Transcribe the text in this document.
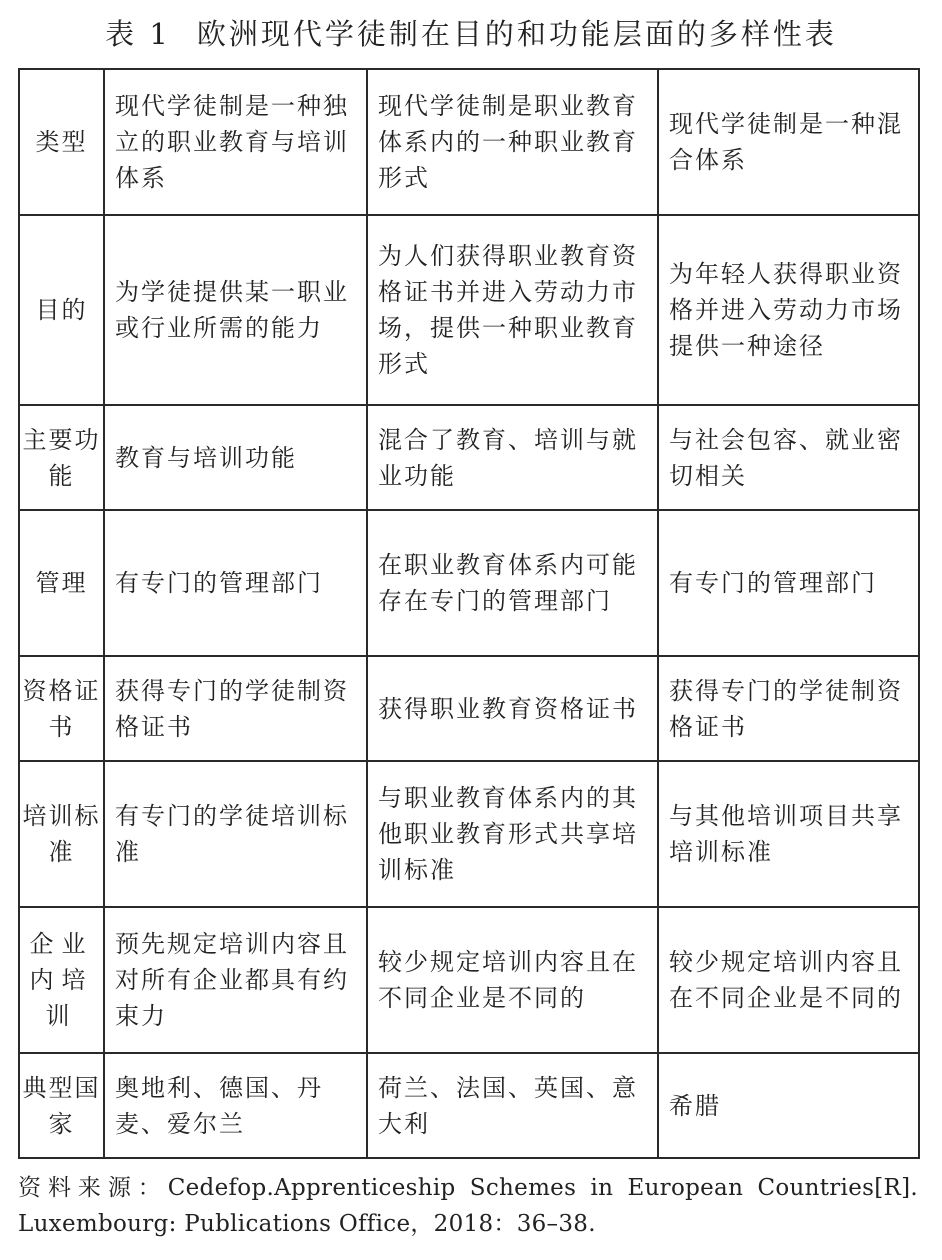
表 1 欧洲现代学徒制在目的和功能层面的多样性表
类型	现代学徒制是一种独立的职业教育与培训体系	现代学徒制是职业教育体系内的一种职业教育形式	现代学徒制是一种混合体系
目的	为学徒提供某一职业或行业所需的能力	为人们获得职业教育资格证书并进入劳动力市场，提供一种职业教育形式	为年轻人获得职业资格并进入劳动力市场提供一种途径
主要功能	教育与培训功能	混合了教育、培训与就业功能	与社会包容、就业密切相关
管理	有专门的管理部门	在职业教育体系内可能存在专门的管理部门	有专门的管理部门
资格证书	获得专门的学徒制资格证书	获得职业教育资格证书	获得专门的学徒制资格证书
培训标准	有专门的学徒培训标准	与职业教育体系内的其他职业教育形式共享培训标准	与其他培训项目共享培训标准
企业内培训	预先规定培训内容且对所有企业都具有约束力	较少规定培训内容且在不同企业是不同的	较少规定培训内容且在不同企业是不同的
典型国家	奥地利、德国、丹麦、爱尔兰	荷兰、法国、英国、意大利	希腊
资料来源：Cedefop.Apprenticeship Schemes in European Countries[R]. Luxembourg: Publications Office，2018：36–38.
